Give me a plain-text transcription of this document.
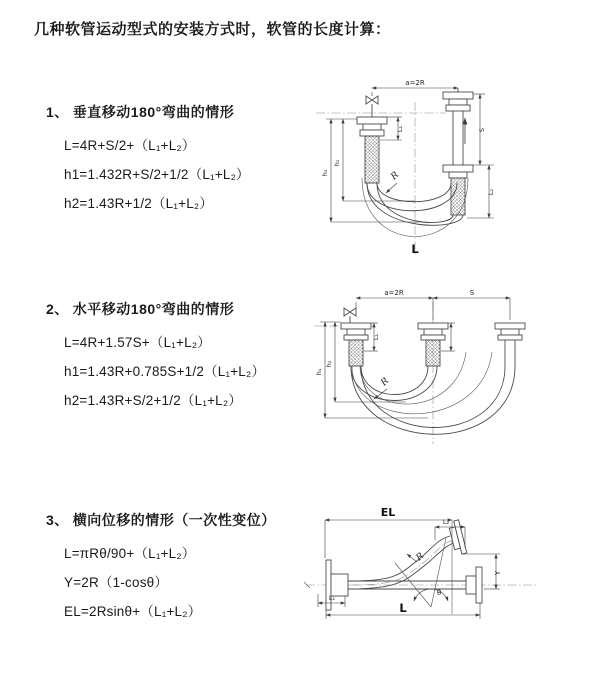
几种软管运动型式的安装方式时，软管的长度计算：
1、 垂直移动180°弯曲的情形
L=4R+S/2+（L₁+L₂）
h1=1.432R+S/2+1/2（L₁+L₂）
h2=1.43R+1/2（L₁+L₂）
2、 水平移动180°弯曲的情形
L=4R+1.57S+（L₁+L₂）
h1=1.43R+0.785S+1/2（L₁+L₂）
h2=1.43R+S/2+1/2（L₁+L₂）
3、 横向位移的情形（一次性变位）
L=πRθ/90+（L₁+L₂）
Y=2R（1-cosθ）
EL=2Rsinθ+（L₁+L₂）
a=2R
h₁
h₂
L₁	S
L₂
R
L
a=2R	S
h₁
h₂
L₁
R
EL
L₂
Y
L
L₁
R
θ
